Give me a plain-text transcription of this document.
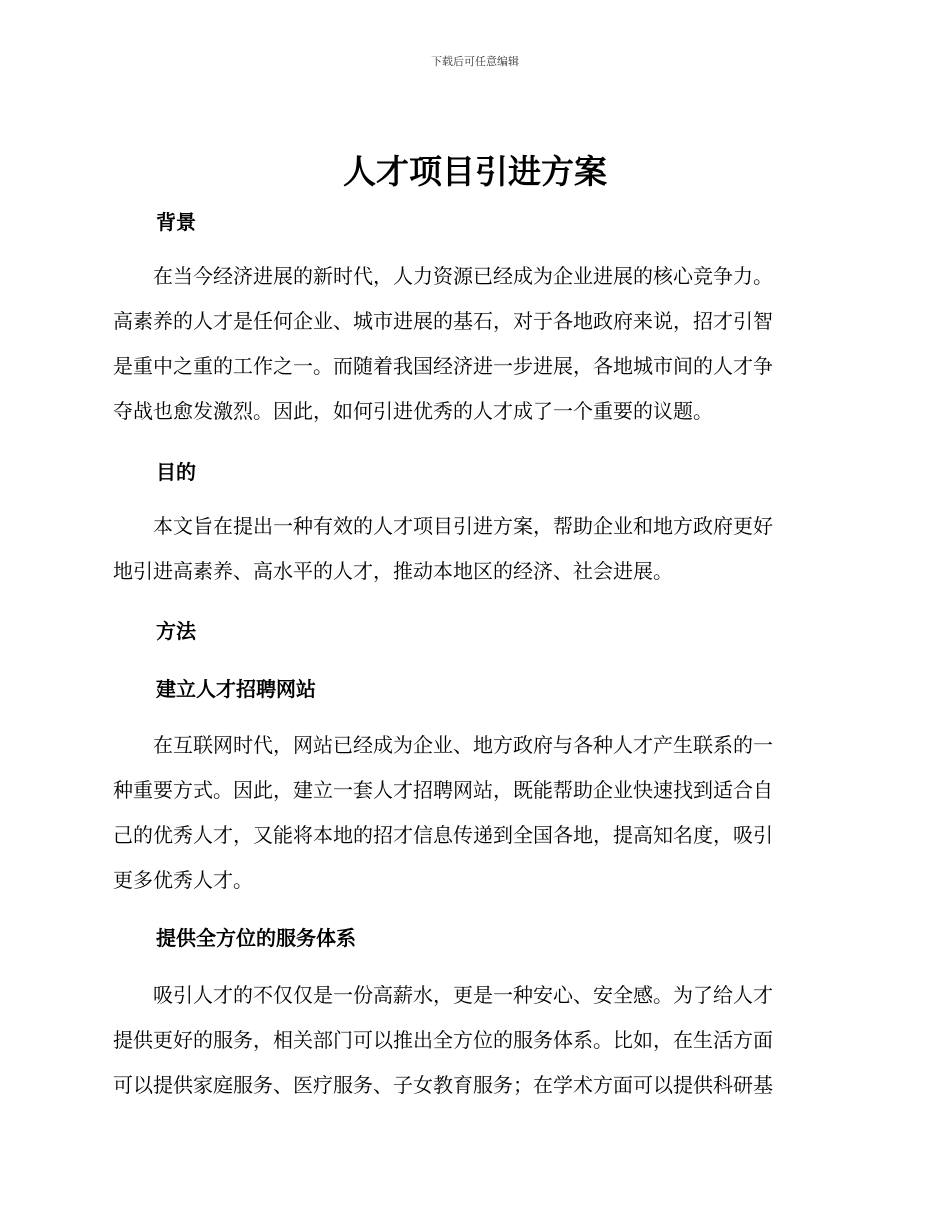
下载后可任意编辑
人才项目引进方案
背景
　　在当今经济进展的新时代，人力资源已经成为企业进展的核心竞争力。
高素养的人才是任何企业、城市进展的基石，对于各地政府来说，招才引智
是重中之重的工作之一。而随着我国经济进一步进展，各地城市间的人才争
夺战也愈发激烈。因此，如何引进优秀的人才成了一个重要的议题。
目的
　　本文旨在提出一种有效的人才项目引进方案，帮助企业和地方政府更好
地引进高素养、高水平的人才，推动本地区的经济、社会进展。
方法
建立人才招聘网站
　　在互联网时代，网站已经成为企业、地方政府与各种人才产生联系的一
种重要方式。因此，建立一套人才招聘网站，既能帮助企业快速找到适合自
己的优秀人才，又能将本地的招才信息传递到全国各地，提高知名度，吸引
更多优秀人才。
提供全方位的服务体系
　　吸引人才的不仅仅是一份高薪水，更是一种安心、安全感。为了给人才
提供更好的服务，相关部门可以推出全方位的服务体系。比如，在生活方面
可以提供家庭服务、医疗服务、子女教育服务；在学术方面可以提供科研基
